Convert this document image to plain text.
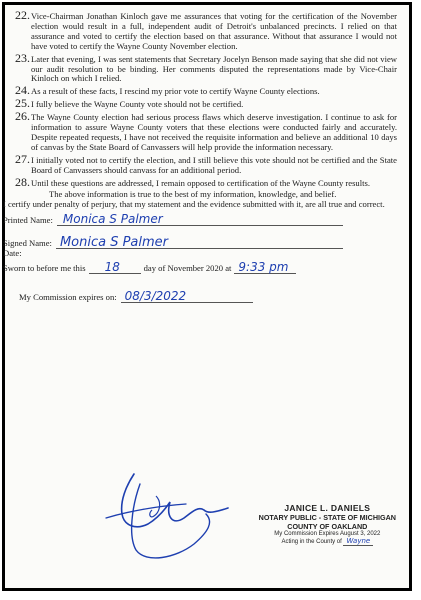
22. Vice-Chairman Jonathan Kinloch gave me assurances that voting for the certification of the November election would result in a full, independent audit of Detroit's unbalanced precincts. I relied on that assurance and voted to certify the election based on that assurance. Without that assurance I would not have voted to certify the Wayne County November election.
23. Later that evening, I was sent statements that Secretary Jocelyn Benson made saying that she did not view our audit resolution to be binding. Her comments disputed the representations made by Vice-Chair Kinloch on which I relied.
24. As a result of these facts, I rescind my prior vote to certify Wayne County elections.
25. I fully believe the Wayne County vote should not be certified.
26. The Wayne County election had serious process flaws which deserve investigation. I continue to ask for information to assure Wayne County voters that these elections were conducted fairly and accurately. Despite repeated requests, I have not received the requisite information and believe an additional 10 days of canvas by the State Board of Canvassers will help provide the information necessary.
27. I initially voted not to certify the election, and I still believe this vote should not be certified and the State Board of Canvassers should canvass for an additional period.
28. Until these questions are addressed, I remain opposed to certification of the Wayne County results.
The above information is true to the best of my information, knowledge, and belief.
I certify under penalty of perjury, that my statement and the evidence submitted with it, are all true and correct.
Printed Name: Monica S Palmer
Signed Name: Monica S Palmer
Date:
Sworn to before me this 18	day of November 2020 at 9:33 pm
My Commission expires on: 08/3/2022
JANICE L. DANIELS
NOTARY PUBLIC - STATE OF MICHIGAN
COUNTY OF OAKLAND
My Commission Expires August 3, 2022
Acting in the County of Wayne
